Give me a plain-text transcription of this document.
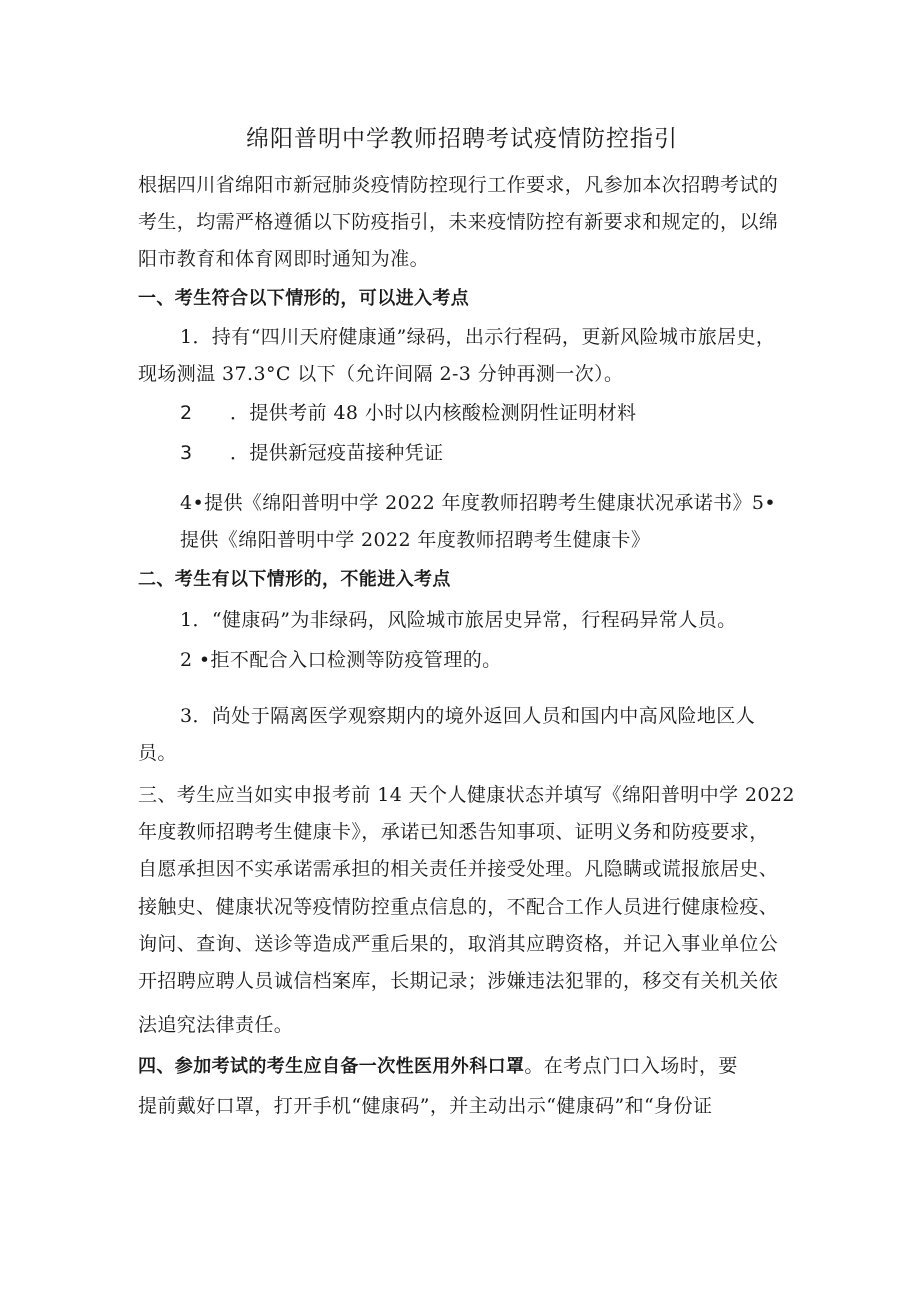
绵阳普明中学教师招聘考试疫情防控指引
根据四川省绵阳市新冠肺炎疫情防控现行工作要求，凡参加本次招聘考试的
考生，均需严格遵循以下防疫指引，未来疫情防控有新要求和规定的，以绵
阳市教育和体育网即时通知为准。
一、考生符合以下情形的，可以进入考点
1．持有“四川天府健康通”绿码，出示行程码，更新风险城市旅居史，
现场测温 37.3°C 以下（允许间隔 2-3 分钟再测一次）。
2 ．提供考前 48 小时以内核酸检测阴性证明材料
3 ．提供新冠疫苗接种凭证
4•提供《绵阳普明中学 2022 年度教师招聘考生健康状况承诺书》5•
提供《绵阳普明中学 2022 年度教师招聘考生健康卡》
二、考生有以下情形的，不能进入考点
1．“健康码”为非绿码，风险城市旅居史异常，行程码异常人员。
2 •拒不配合入口检测等防疫管理的。
3．尚处于隔离医学观察期内的境外返回人员和国内中高风险地区人
员。
三、考生应当如实申报考前 14 天个人健康状态并填写《绵阳普明中学 2022
年度教师招聘考生健康卡》，承诺已知悉告知事项、证明义务和防疫要求，
自愿承担因不实承诺需承担的相关责任并接受处理。凡隐瞒或谎报旅居史、
接触史、健康状况等疫情防控重点信息的，不配合工作人员进行健康检疫、
询问、查询、送诊等造成严重后果的，取消其应聘资格，并记入事业单位公
开招聘应聘人员诚信档案库，长期记录；涉嫌违法犯罪的，移交有关机关依
法追究法律责任。
四、参加考试的考生应自备一次性医用外科口罩。在考点门口入场时，要
提前戴好口罩，打开手机“健康码”，并主动出示“健康码”和“身份证
